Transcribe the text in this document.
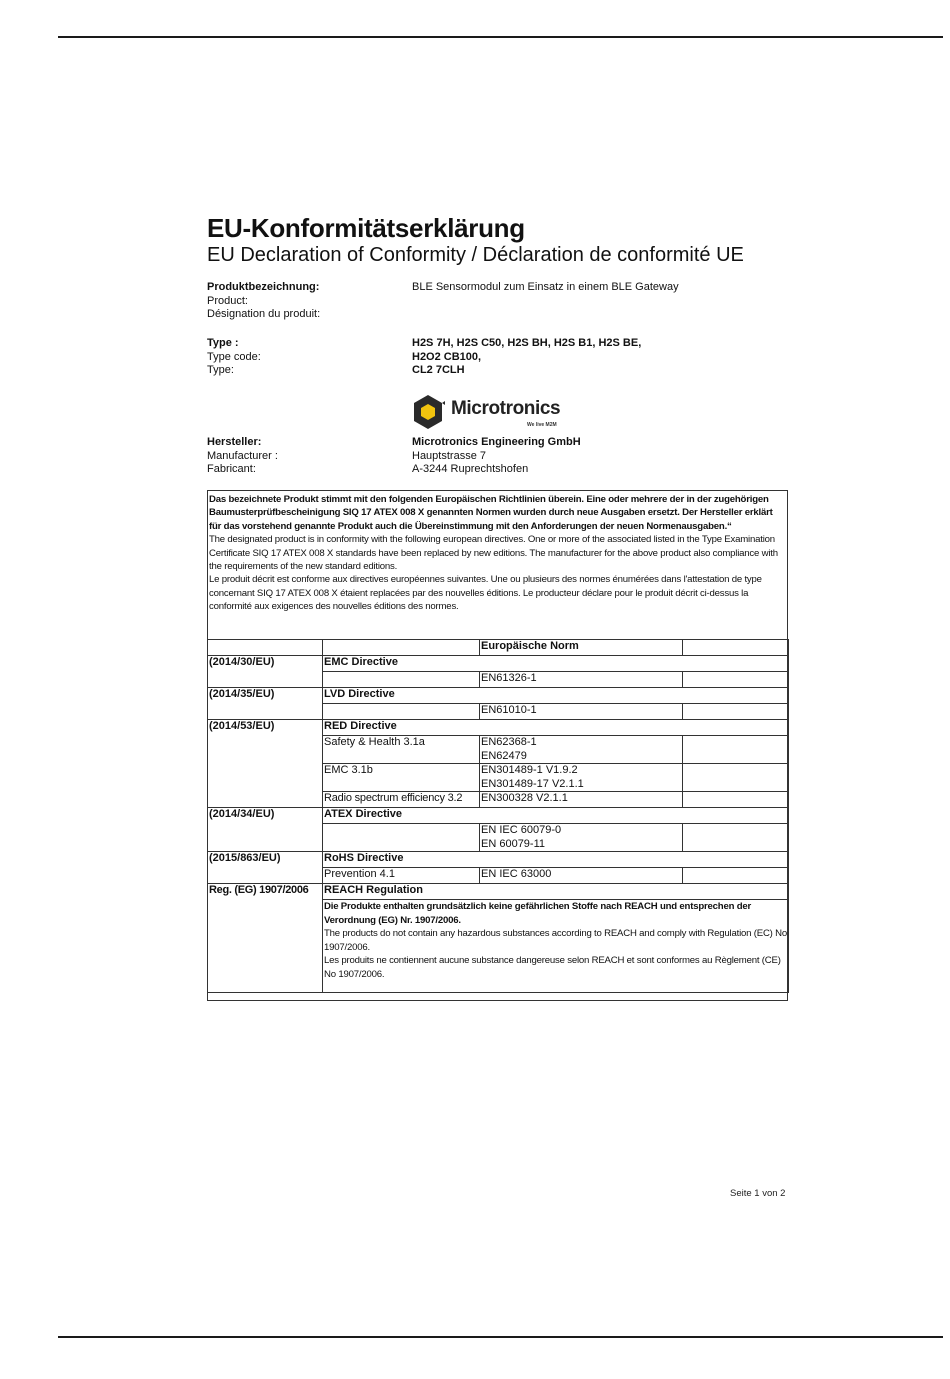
EU-Konformitätserklärung
EU Declaration of Conformity / Déclaration de conformité UE
Produktbezeichnung:
Product:
Désignation du produit:
BLE Sensormodul zum Einsatz in einem BLE Gateway
Type :
Type code:
Type:
H2S 7H, H2S C50, H2S BH, H2S B1, H2S BE,
H2O2 CB100,
CL2 7CLH
Microtronics
We live M2M
Hersteller:
Manufacturer :
Fabricant:
Microtronics Engineering GmbH
Hauptstrasse 7
A-3244 Ruprechtshofen

Das bezeichnete Produkt stimmt mit den folgenden Europäischen Richtlinien überein. Eine oder mehrere der in der zugehörigen Baumusterprüfbescheinigung SIQ 17 ATEX 008 X genannten Normen wurden durch neue Ausgaben ersetzt. Der Hersteller erklärt für das vorstehend genannte Produkt auch die Übereinstimmung mit den Anforderungen der neuen Normenausgaben.“

The designated product is in conformity with the following european directives. One or more of the associated listed in the Type Examination Certificate SIQ 17 ATEX 008 X standards have been replaced by new editions. The manufacturer for the above product also compliance with the requirements of the new standard editions.

Le produit décrit est conforme aux directives européennes suivantes. Une ou plusieurs des normes énumérées dans l'attestation de type concernant SIQ 17 ATEX 008 X étaient replacées par des nouvelles éditions. Le producteur déclare pour le produit décrit ci-dessus la conformité aux exigences des nouvelles éditions des normes.

		Europäische Norm	
(2014/30/EU)	EMC Directive		
		EN61326-1	
(2014/35/EU)	LVD Directive		
		EN61010-1	
(2014/53/EU)	RED Directive		
	Safety & Health 3.1a	EN62368-1
EN62479	

	EMC 3.1b	EN301489-1 V1.9.2
EN301489-17 V2.1.1	

	Radio spectrum efficiency 3.2	EN300328 V2.1.1	
(2014/34/EU)	ATEX Directive		

		EN IEC 60079-0
EN 60079-11	

(2015/863/EU)	RoHS Directive		
	Prevention 4.1	EN IEC 63000	
Reg. (EG) 1907/2006	REACH Regulation		

	Die Produkte enthalten grundsätzlich keine gefährlichen Stoffe nach REACH und entsprechen der Verordnung (EG) Nr. 1907/2006.

The products do not contain any hazardous substances according to REACH and comply with Regulation (EC) No 1907/2006.

Les produits ne contiennent aucune substance dangereuse selon REACH et sont conformes au Règlement (CE) No 1907/2006.		

Seite 1 von 2
